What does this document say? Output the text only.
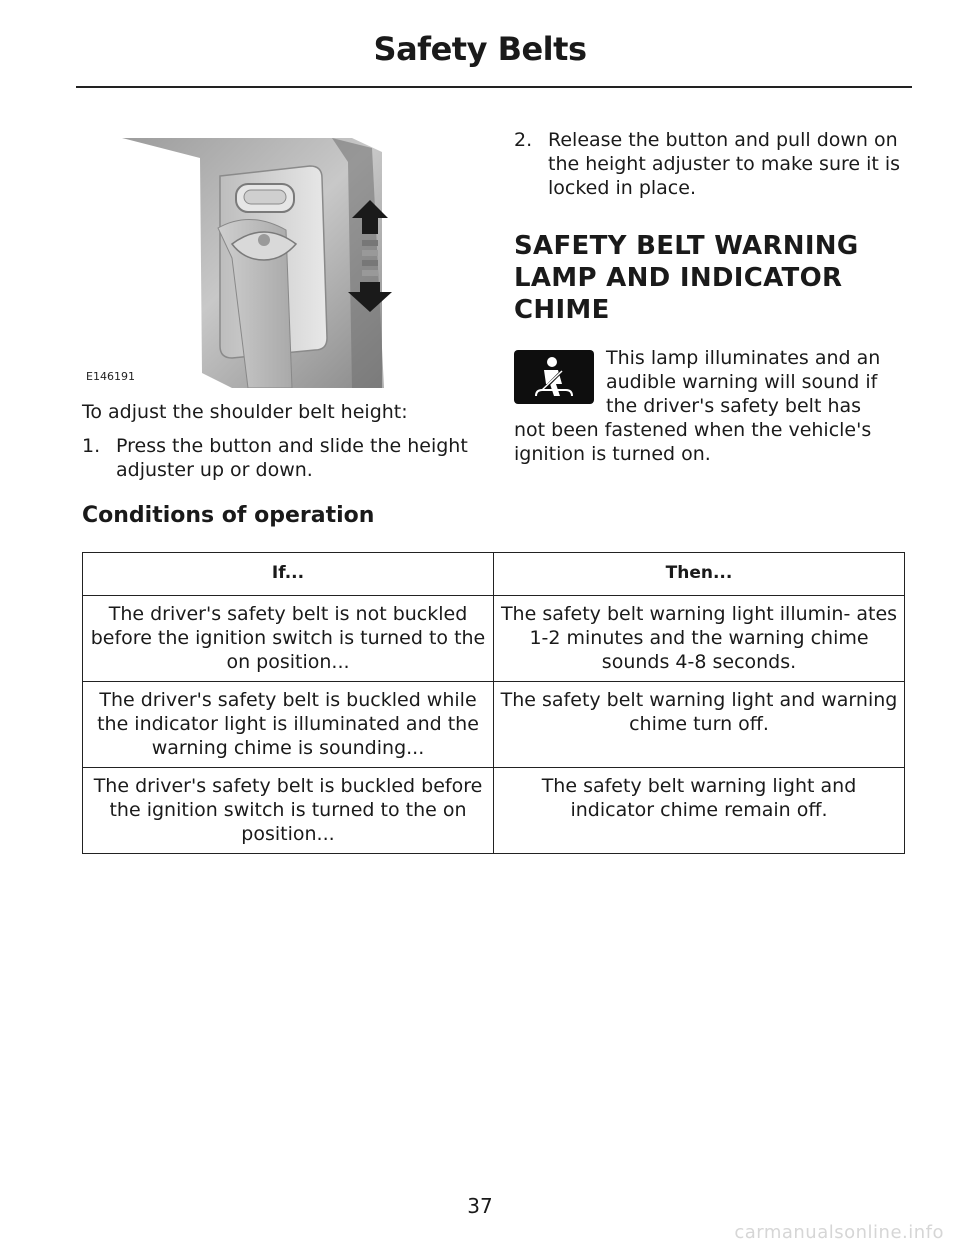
Safety Belts
E146191
To adjust the shoulder belt height:
1. Press the button and slide the height adjuster up or down.
2. Release the button and pull down on the height adjuster to make sure it is locked in place.
SAFETY BELT WARNING LAMP AND INDICATOR CHIME
This lamp illuminates and an audible warning will sound if the driver's safety belt has
not been fastened when the vehicle's ignition is turned on.
Conditions of operation
If...	Then...
The driver's safety belt is not buckled before the ignition switch is turned to the on position...	The safety belt warning light illumin- ates 1-2 minutes and the warning chime sounds 4-8 seconds.
The driver's safety belt is buckled while the indicator light is illuminated and the warning chime is sounding...	The safety belt warning light and warning chime turn off.
The driver's safety belt is buckled before the ignition switch is turned to the on position...	The safety belt warning light and indicator chime remain off.
37
carmanualsonline.info
